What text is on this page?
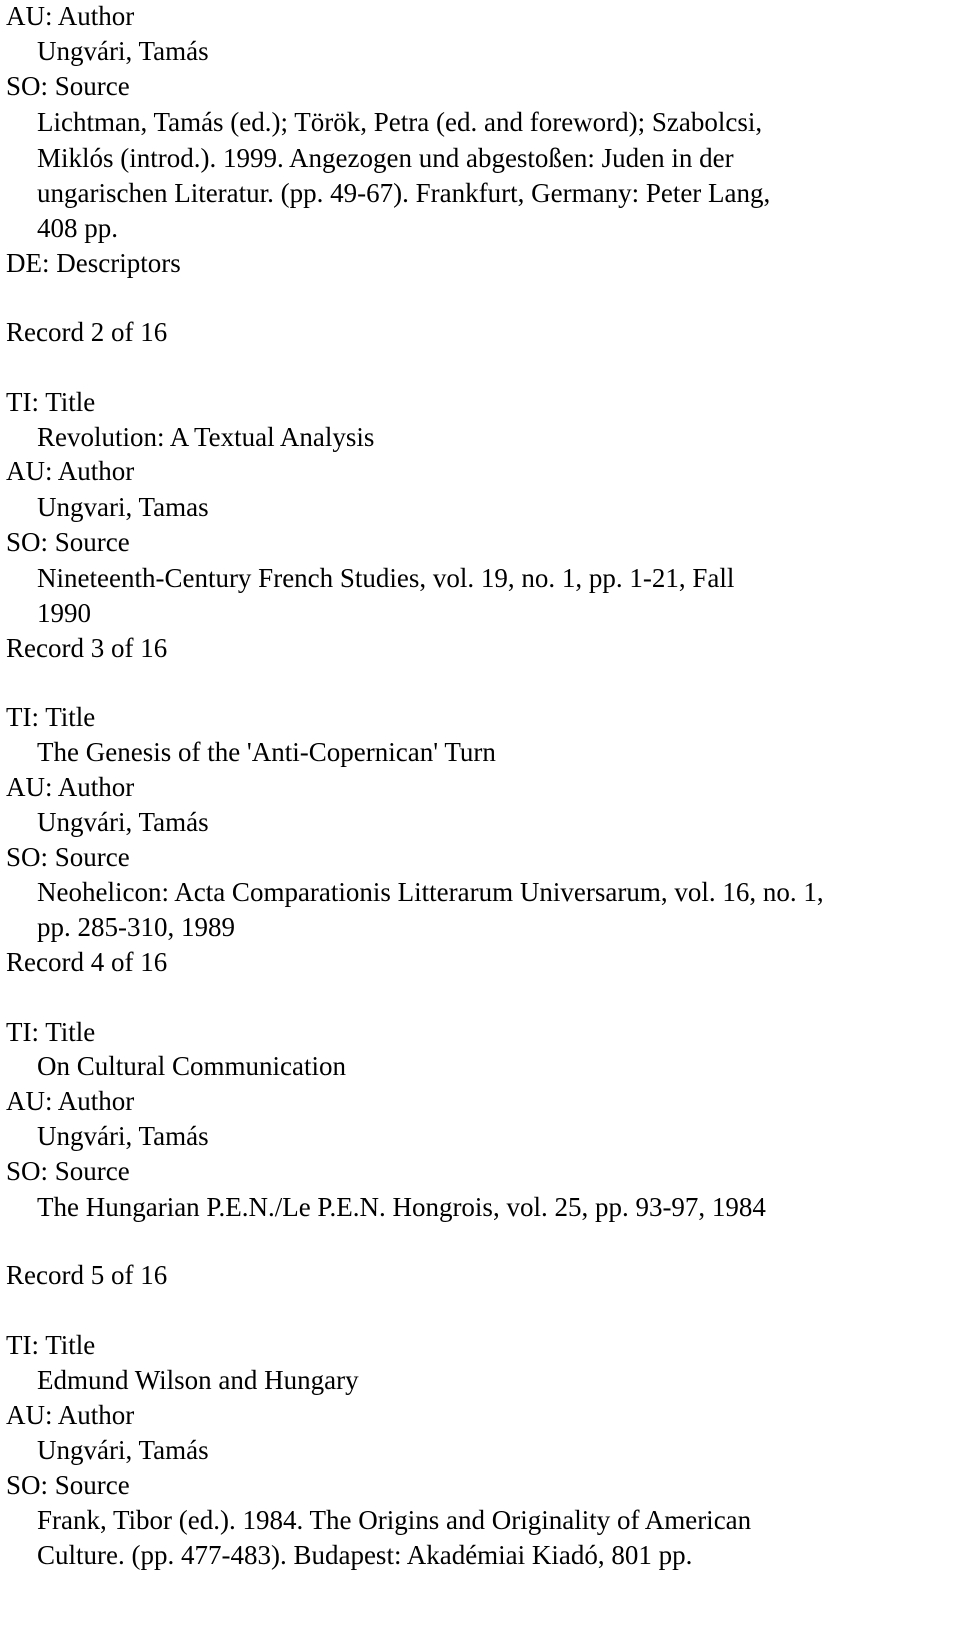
AU: Author
Ungvári, Tamás
SO: Source
Lichtman, Tamás (ed.); Török, Petra (ed. and foreword); Szabolcsi,
Miklós (introd.). 1999. Angezogen und abgestoßen: Juden in der
ungarischen Literatur. (pp. 49-67). Frankfurt, Germany: Peter Lang,
408 pp.
DE: Descriptors
Record 2 of 16
TI: Title
Revolution: A Textual Analysis
AU: Author
Ungvari, Tamas
SO: Source
Nineteenth-Century French Studies, vol. 19, no. 1, pp. 1-21, Fall
1990
Record 3 of 16
TI: Title
The Genesis of the 'Anti-Copernican' Turn
AU: Author
Ungvári, Tamás
SO: Source
Neohelicon: Acta Comparationis Litterarum Universarum, vol. 16, no. 1,
pp. 285-310, 1989
Record 4 of 16
TI: Title
On Cultural Communication
AU: Author
Ungvári, Tamás
SO: Source
The Hungarian P.E.N./Le P.E.N. Hongrois, vol. 25, pp. 93-97, 1984
Record 5 of 16
TI: Title
Edmund Wilson and Hungary
AU: Author
Ungvári, Tamás
SO: Source
Frank, Tibor (ed.). 1984. The Origins and Originality of American
Culture. (pp. 477-483). Budapest: Akadémiai Kiadó, 801 pp.
